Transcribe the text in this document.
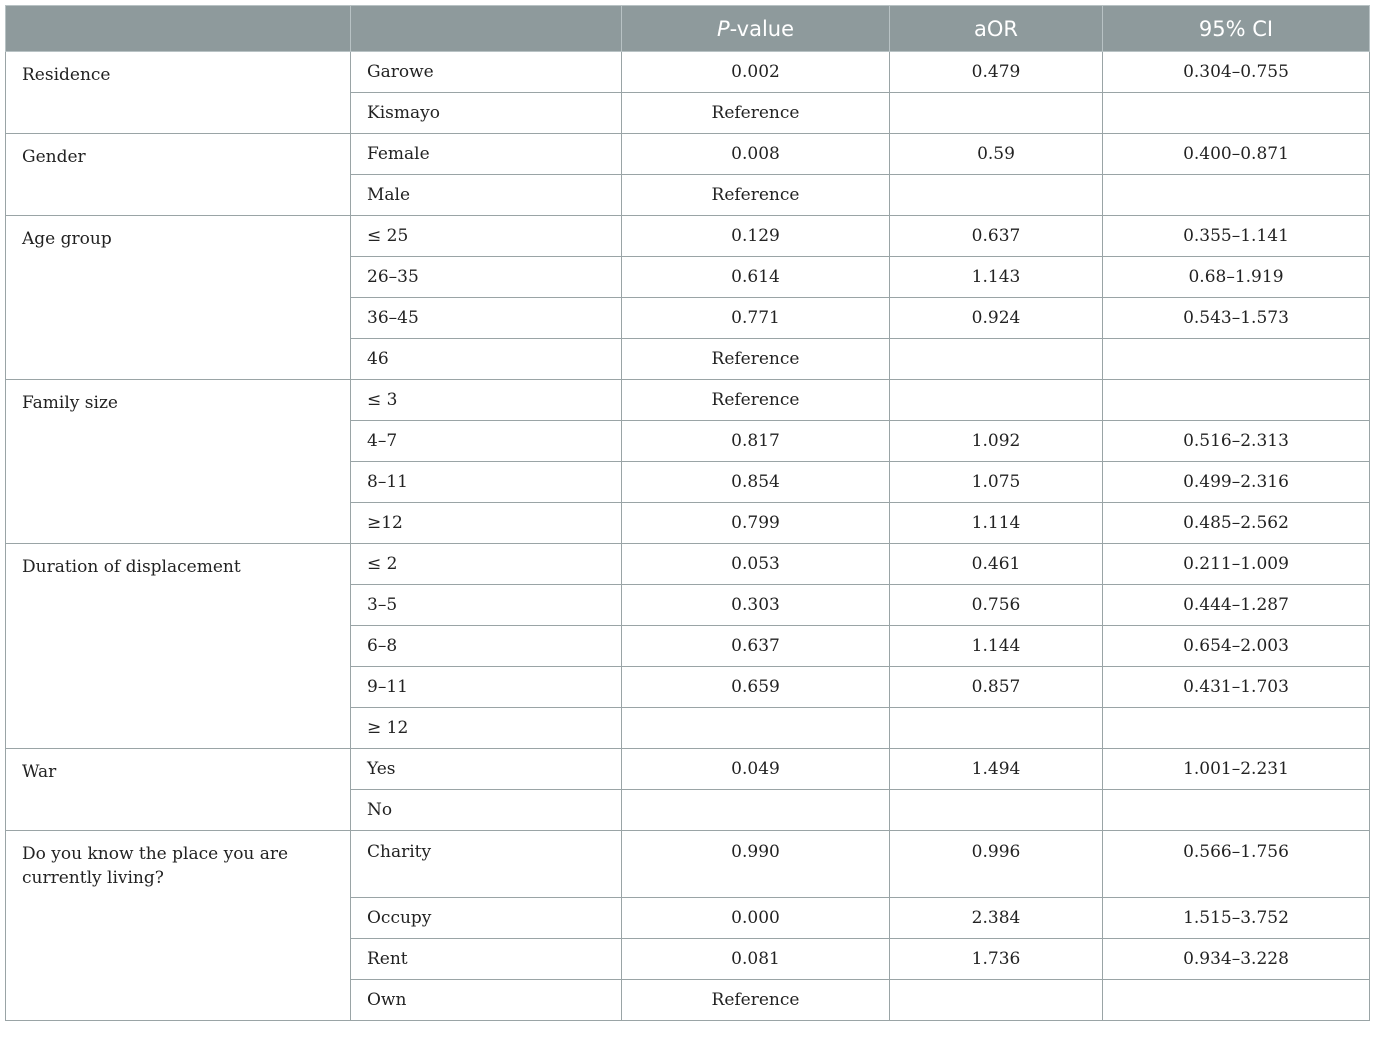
		P-value	aOR	95% CI
Residence	Garowe	0.002	0.479	0.304–0.755
	Kismayo	Reference		
Gender	Female	0.008	0.59	0.400–0.871
	Male	Reference		
Age group	≤ 25	0.129	0.637	0.355–1.141
	26–35	0.614	1.143	0.68–1.919
	36–45	0.771	0.924	0.543–1.573
	46	Reference		
Family size	≤ 3	Reference		
	4–7	0.817	1.092	0.516–2.313
	8–11	0.854	1.075	0.499–2.316
	≥12	0.799	1.114	0.485–2.562
Duration of displacement	≤ 2	0.053	0.461	0.211–1.009
	3–5	0.303	0.756	0.444–1.287
	6–8	0.637	1.144	0.654–2.003
	9–11	0.659	0.857	0.431–1.703
	≥ 12			
War	Yes	0.049	1.494	1.001–2.231
	No			
Do you know the place you are currently living?	Charity	0.990	0.996	0.566–1.756
	Occupy	0.000	2.384	1.515–3.752
	Rent	0.081	1.736	0.934–3.228
	Own	Reference		
